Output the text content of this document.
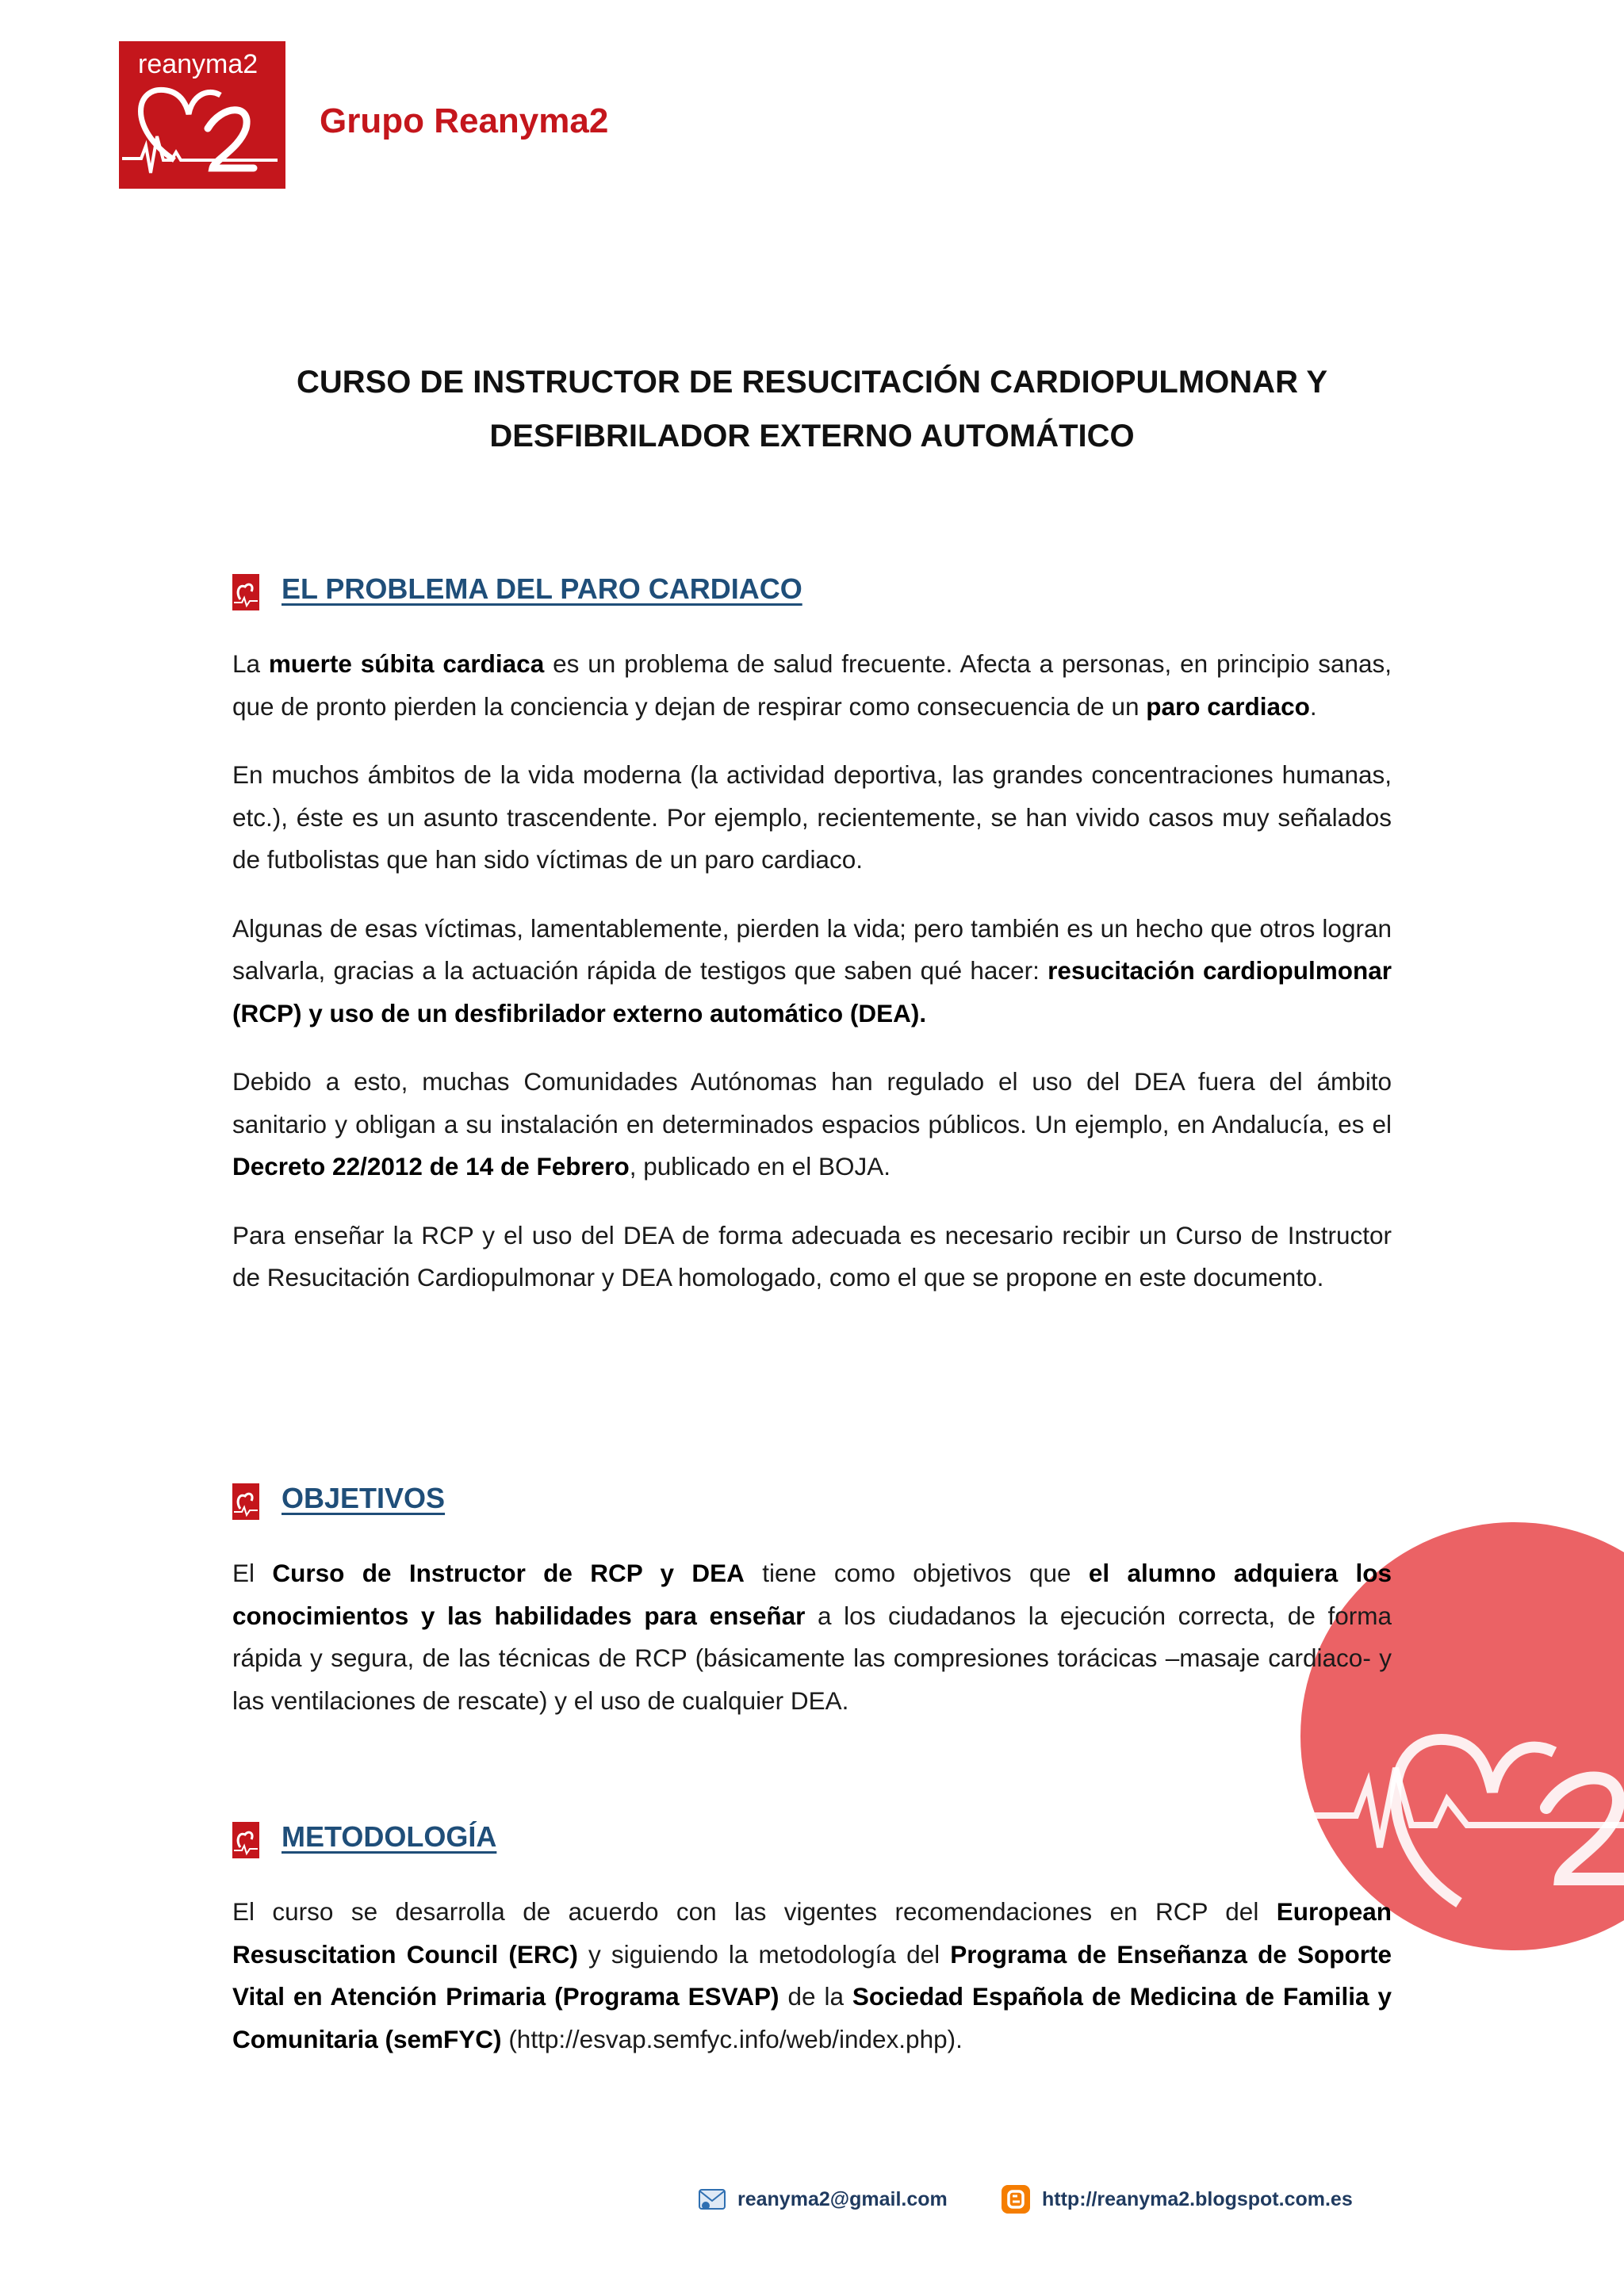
reanyma2
Grupo Reanyma2
CURSO DE INSTRUCTOR DE RESUCITACIÓN CARDIOPULMONAR Y
DESFIBRILADOR EXTERNO AUTOMÁTICO
EL PROBLEMA DEL PARO CARDIACO

La muerte súbita cardiaca es un problema de salud frecuente. Afecta a personas, en principio sanas, que de pronto pierden la conciencia y dejan de respirar como consecuencia de un paro cardiaco.

En muchos ámbitos de la vida moderna (la actividad deportiva, las grandes concentraciones humanas, etc.), éste es un asunto trascendente. Por ejemplo, recientemente, se han vivido casos muy señalados de futbolistas que han sido víctimas de un paro cardiaco.

Algunas de esas víctimas, lamentablemente, pierden la vida; pero también es un hecho que otros logran salvarla, gracias a la actuación rápida de testigos que saben qué hacer: resucitación cardiopulmonar (RCP) y uso de un desfibrilador externo automático (DEA).

Debido a esto, muchas Comunidades Autónomas han regulado el uso del DEA fuera del ámbito sanitario y obligan a su instalación en determinados espacios públicos. Un ejemplo, en Andalucía, es el Decreto 22/2012 de 14 de Febrero, publicado en el BOJA.

Para enseñar la RCP y el uso del DEA de forma adecuada es necesario recibir un Curso de Instructor de Resucitación Cardiopulmonar y DEA homologado, como el que se propone en este documento.

OBJETIVOS

El Curso de Instructor de RCP y DEA tiene como objetivos que el alumno adquiera los conocimientos y las habilidades para enseñar a los ciudadanos la ejecución correcta, de forma rápida y segura, de las técnicas de RCP (básicamente las compresiones torácicas –masaje cardiaco- y las ventilaciones de rescate) y el uso de cualquier DEA.

METODOLOGÍA

El curso se desarrolla de acuerdo con las vigentes recomendaciones en RCP del European Resuscitation Council (ERC) y siguiendo la metodología del Programa de Enseñanza de Soporte Vital en Atención Primaria (Programa ESVAP) de la Sociedad Española de Medicina de Familia y Comunitaria (semFYC) (http://esvap.semfyc.info/web/index.php).

reanyma2@gmail.com	http://reanyma2.blogspot.com.es
